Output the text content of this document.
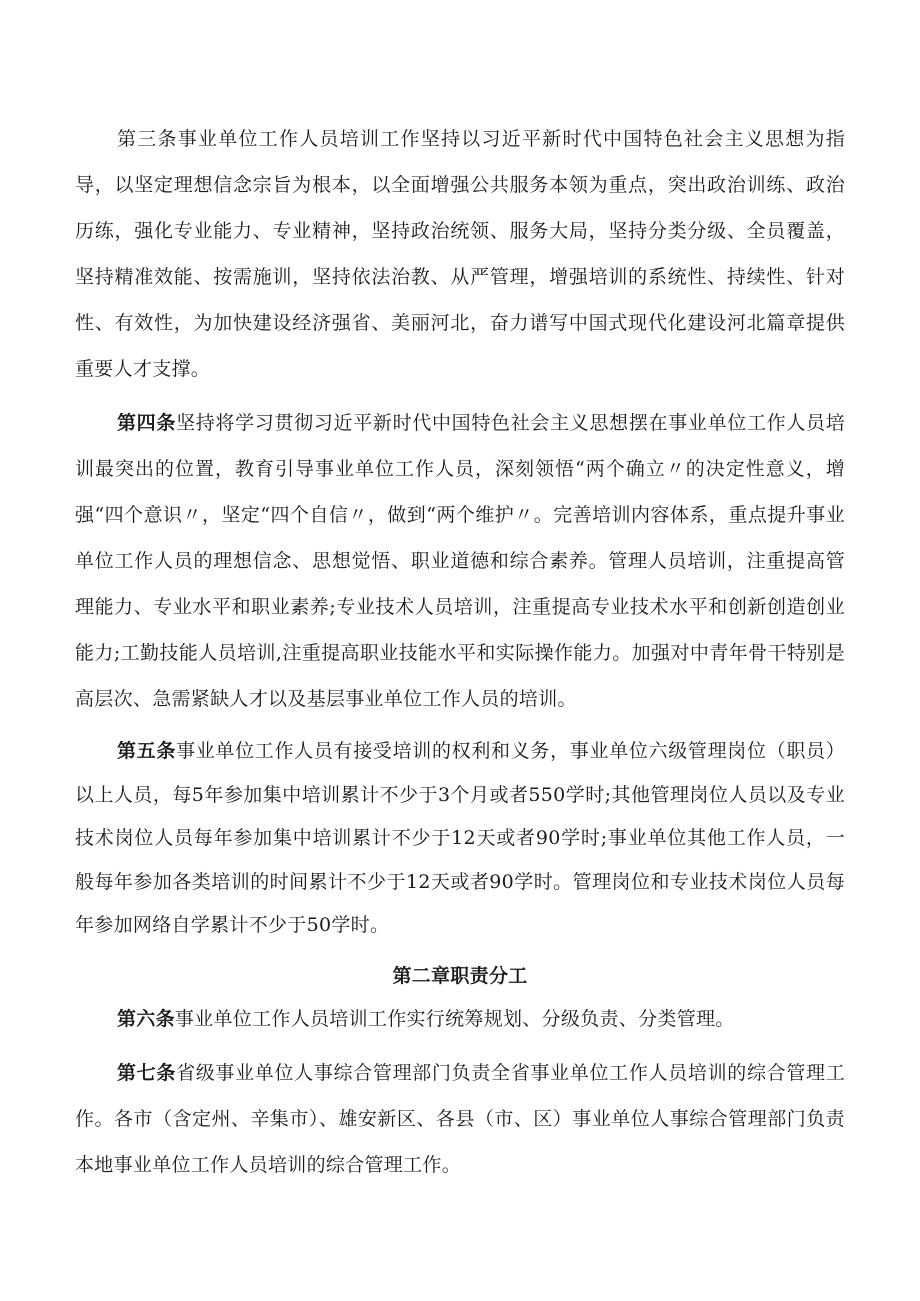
第三条事业单位工作人员培训工作坚持以习近平新时代中国特色社会主义思想为指导，以坚定理想信念宗旨为根本，以全面增强公共服务本领为重点，突出政治训练、政治历练，强化专业能力、专业精神，坚持政治统领、服务大局，坚持分类分级、全员覆盖，坚持精准效能、按需施训，坚持依法治教、从严管理，增强培训的系统性、持续性、针对性、有效性，为加快建设经济强省、美丽河北，奋力谱写中国式现代化建设河北篇章提供重要人才支撑。

第四条坚持将学习贯彻习近平新时代中国特色社会主义思想摆在事业单位工作人员培训最突出的位置，教育引导事业单位工作人员，深刻领悟“两个确立〃的决定性意义，增强“四个意识〃，坚定“四个自信〃，做到“两个维护〃。完善培训内容体系，重点提升事业单位工作人员的理想信念、思想觉悟、职业道德和综合素养。管理人员培训，注重提高管理能力、专业水平和职业素养;专业技术人员培训，注重提高专业技术水平和创新创造创业能力;工勤技能人员培训,注重提高职业技能水平和实际操作能力。加强对中青年骨干特别是高层次、急需紧缺人才以及基层事业单位工作人员的培训。

第五条事业单位工作人员有接受培训的权利和义务，事业单位六级管理岗位（职员）以上人员，每5年参加集中培训累计不少于3个月或者550学时;其他管理岗位人员以及专业技术岗位人员每年参加集中培训累计不少于12天或者90学时;事业单位其他工作人员，一般每年参加各类培训的时间累计不少于12天或者90学时。管理岗位和专业技术岗位人员每年参加网络自学累计不少于50学时。

第二章职责分工

第六条事业单位工作人员培训工作实行统筹规划、分级负责、分类管理。

第七条省级事业单位人事综合管理部门负责全省事业单位工作人员培训的综合管理工作。各市（含定州、辛集市）、雄安新区、各县（市、区）事业单位人事综合管理部门负责本地事业单位工作人员培训的综合管理工作。
